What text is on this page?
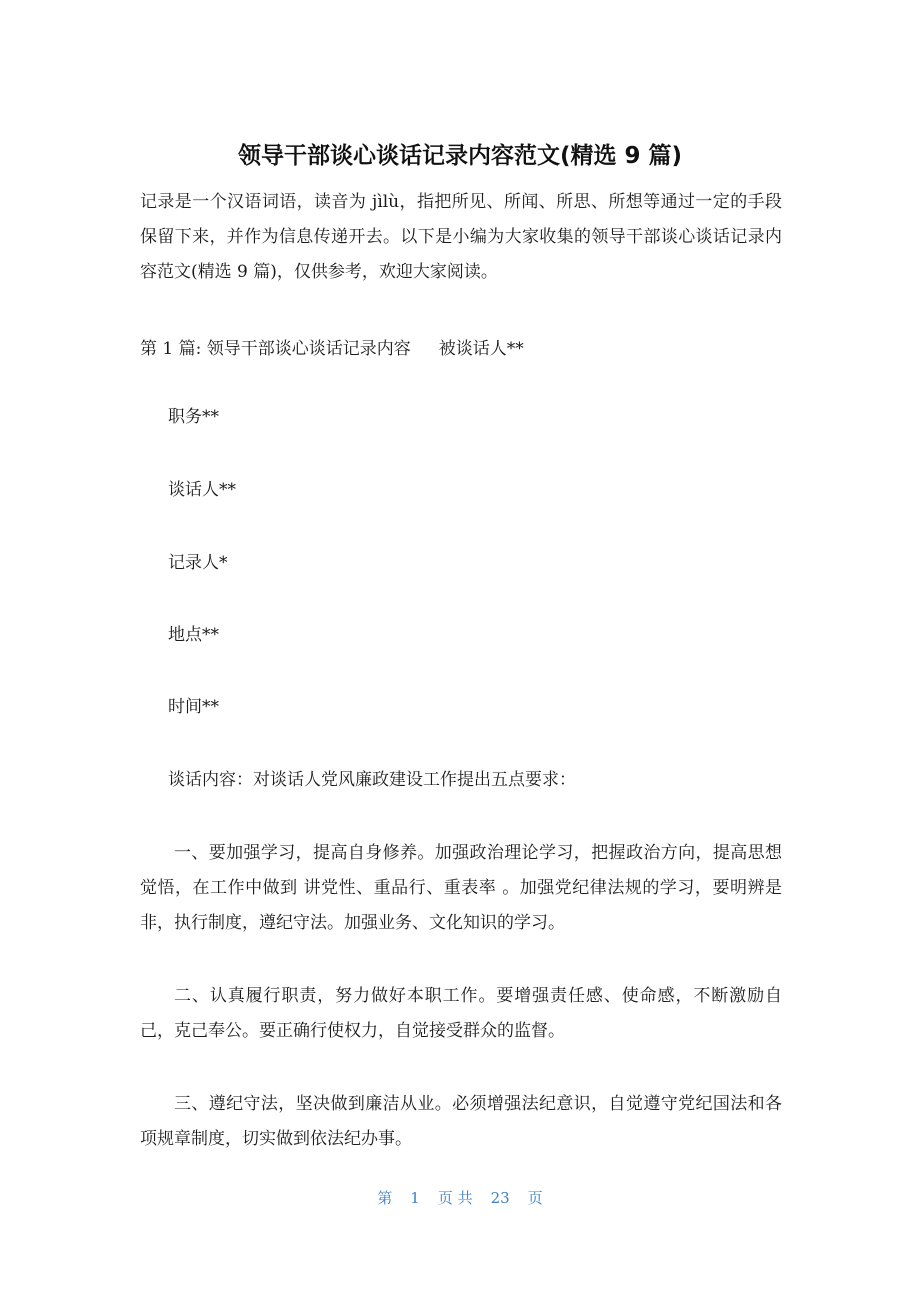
领导干部谈心谈话记录内容范文(精选 9 篇)

记录是一个汉语词语，读音为 jìlù，指把所见、所闻、所思、所想等通过一定的手段保留下来，并作为信息传递开去。以下是小编为大家收集的领导干部谈心谈话记录内容范文(精选 9 篇)，仅供参考，欢迎大家阅读。

第 1 篇: 领导干部谈心谈话记录内容 被谈话人**
职务**
谈话人**
记录人*
地点**
时间**
谈话内容：对谈话人党风廉政建设工作提出五点要求：

一、要加强学习，提高自身修养。加强政治理论学习，把握政治方向，提高思想觉悟，在工作中做到 讲党性、重品行、重表率 。加强党纪律法规的学习，要明辨是非，执行制度，遵纪守法。加强业务、文化知识的学习。

二、认真履行职责，努力做好本职工作。要增强责任感、使命感，不断激励自己，克己奉公。要正确行使权力，自觉接受群众的监督。

三、遵纪守法，坚决做到廉洁从业。必须增强法纪意识，自觉遵守党纪国法和各项规章制度，切实做到依法纪办事。

第 1 页 共 23 页
